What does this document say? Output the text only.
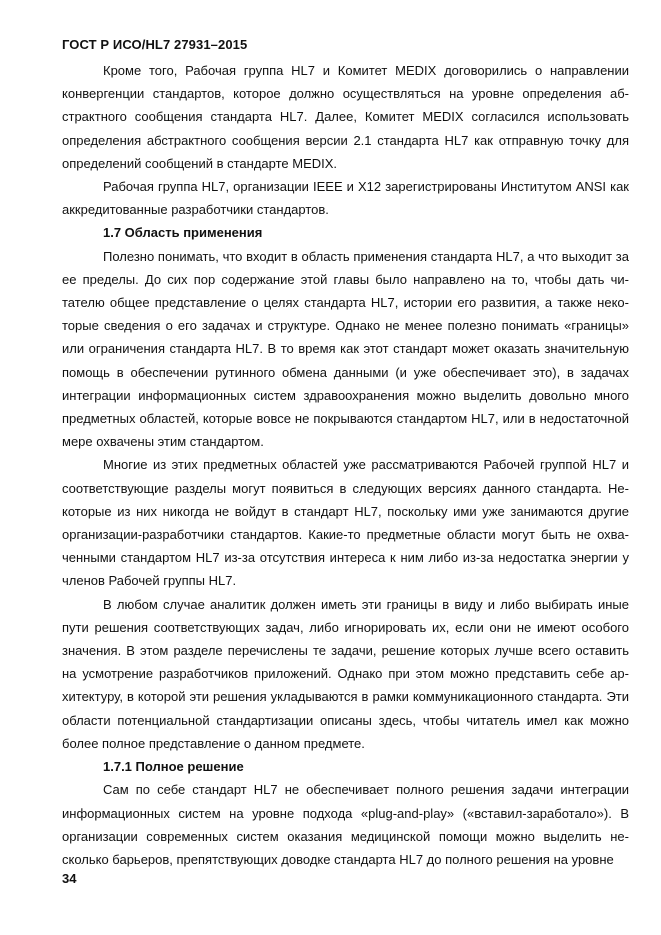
ГОСТ Р ИСО/HL7 27931–2015

Кроме того, Рабочая группа HL7 и Комитет MEDIX договорились о направлении конвергенции стандартов, которое должно осуществляться на уровне определения абстрактного сообщения стандарта HL7. Далее, Комитет MEDIX согласился использовать определения абстрактного сообщения версии 2.1 стандарта HL7 как отправную точку для определений сообщений в стандарте MEDIX.

Рабочая группа HL7, организации IEEE и X12 зарегистрированы Институтом ANSI как аккредитованные разработчики стандартов.

1.7 Область применения

Полезно понимать, что входит в область применения стандарта HL7, а что выходит за ее пределы. До сих пор содержание этой главы было направлено на то, чтобы дать читателю общее представление о целях стандарта HL7, истории его развития, а также некоторые сведения о его задачах и структуре. Однако не менее полезно понимать «границы» или ограничения стандарта HL7. В то время как этот стандарт может оказать значительную помощь в обеспечении рутинного обмена данными (и уже обеспечивает это), в задачах интеграции информационных систем здравоохранения можно выделить довольно много предметных областей, которые вовсе не покрываются стандартом HL7, или в недостаточной мере охвачены этим стандартом.

Многие из этих предметных областей уже рассматриваются Рабочей группой HL7 и соответствующие разделы могут появиться в следующих версиях данного стандарта. Некоторые из них никогда не войдут в стандарт HL7, поскольку ими уже занимаются другие организации-разработчики стандартов. Какие-то предметные области могут быть не охваченными стандартом HL7 из-за отсутствия интереса к ним либо из-за недостатка энергии у членов Рабочей группы HL7.

В любом случае аналитик должен иметь эти границы в виду и либо выбирать иные пути решения соответствующих задач, либо игнорировать их, если они не имеют особого значения. В этом разделе перечислены те задачи, решение которых лучше всего оставить на усмотрение разработчиков приложений. Однако при этом можно представить себе архитектуру, в которой эти решения укладываются в рамки коммуникационного стандарта. Эти области потенциальной стандартизации описаны здесь, чтобы читатель имел как можно более полное представление о данном предмете.

1.7.1 Полное решение

Сам по себе стандарт HL7 не обеспечивает полного решения задачи интеграции информационных систем на уровне подхода «plug-and-play» («вставил-заработало»). В организации современных систем оказания медицинской помощи можно выделить несколько барьеров, препятствующих доводке стандарта HL7 до полного решения на уровне

34
